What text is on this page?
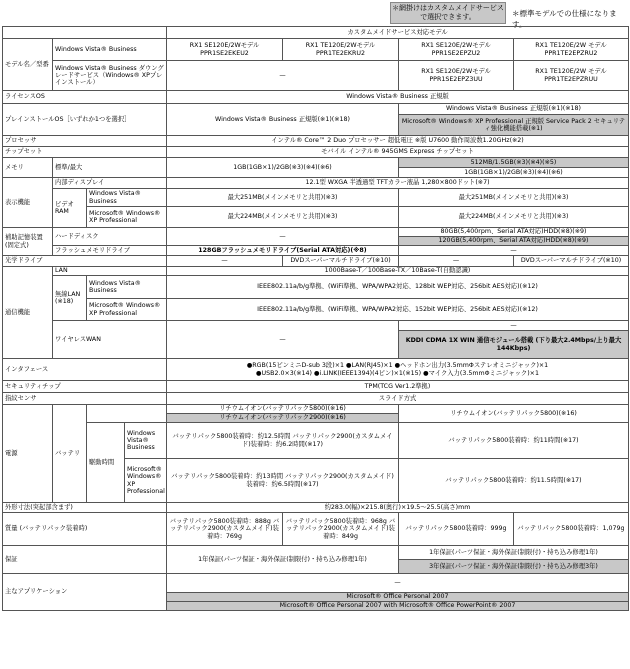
＊網掛けはカスタムメイドサービスで選択できます。	＊標準モデルでの仕様になります。
				カスタムメイドサービス対応モデル			
モデル名／型番	Windows Vista® Business			RX1 SE120E/2Wモデル PPR1SE2EKEU2	RX1 TE120E/2Wモデル PPR1TE2EKRU2	RX1 SE120E/2Wモデル PPR1SE2EPZU2	RX1 TE120E/2W モデル PPR1TE2EPZRU2
	Windows Vista® Business ダウングレードサービス（Windows® XPプレインストール）			—		RX1 SE120E/2Wモデル PPR1SE2EPZ3UU	RX1 TE120E/2W モデル PPR1TE2EPZRUU
ライセンスOS				Windows Vista® Business 正規版			
プレインストールOS［いずれか1つを選択］				Windows Vista® Business 正規版(※1)(※18)		Windows Vista® Business 正規版(※1)(※18)	
						Microsoft® Windows® XP Professional 正規版 Service Pack 2 セキュリティ強化機能搭載(※1)	
プロセッサ				インテル® Core™ 2 Duo プロセッサー 超低電圧 ※版 U7600 動作周波数1.20GHz(※2)			
チップセット				モバイル インテル® 945GMS Express チップセット			
メモリ	標準/最大			1GB(1GB×1)/2GB(※3)(※4)(※6)		512MB/1.5GB(※3)(※4)(※5)	
						1GB(1GB×1)/2GB(※3)(※4)(※6)	
表示機能	内部ディスプレイ			12.1型 WXGA 半透過型 TFTカラー液晶 1,280×800ドット(※7)			
	ビデオRAM	Windows Vista® Business		最大251MB(メインメモリと共用)(※3)		最大251MB(メインメモリと共用)(※3)	
		Microsoft® Windows® XP Professional		最大224MB(メインメモリと共用)(※3)		最大224MB(メインメモリと共用)(※3)	
補助記憶装置(固定式)	ハードディスク			—		80GB(5,400rpm、Serial ATA対応)HDD(※8)(※9)	
						120GB(5,400rpm、Serial ATA対応)HDD(※8)(※9)	
	フラッシュメモリドライブ			128GBフラッシュメモリドライブ(Serial ATA対応)(※8)		—	
光学ドライブ				—	DVDスーパーマルチドライブ(※10)	—	DVDスーパーマルチドライブ(※10)
通信機能	LAN			1000Base-T／100Base-TX／10Base-T(自動認識)			
	無線LAN (※18)	Windows Vista® Business		IEEE802.11a/b/g準拠、(WiFi準拠、WPA/WPA2対応、128bit WEP対応、256bit AES対応)(※12)			
		Microsoft® Windows® XP Professional		IEEE802.11a/b/g準拠、(WiFi準拠、WPA/WPA2対応、152bit WEP対応、256bit AES対応)(※12)			
	ワイヤレスWAN			—		—	
						KDDI CDMA 1X WIN 通信モジュール搭載 (下り最大2.4Mbps/上り最大144Kbps)	
インタフェース				●RGB(15ピンミニD-sub 3段)×1 ●LAN(RJ45)×1 ●ヘッドホン出力(3.5mmΦステレオミニジャック)×1
●USB2.0×3(※14) ●i.LINK(IEEE1394)(4ピン)×1(※15) ●マイク入力(3.5mmΦミニジャック)×1			

セキュリティチップ				TPM(TCG Ver1.2準拠)			
指紋センサ				スライド方式			
電源	バッテリ			リチウムイオン(バッテリパック5800)(※16)		リチウムイオン(バッテリパック5800)(※16)	
				リチウムイオン(バッテリパック2900)(※16)			
		駆動時間	Windows Vista® Business	バッテリパック5800装着時：約12.5時間 バッテリパック2900(カスタムメイド)装着時：約6.2時間(※17)		バッテリパック5800装着時：約11時間(※17)	
			Microsoft® Windows® XP Professional	バッテリパック5800装着時：約13時間 バッテリパック2900(カスタムメイド)装着時：約6.5時間(※17)		バッテリパック5800装着時：約11.5時間(※17)	
外形寸法(突起部含まず)				約283.0(幅)×215.8(奥行)×19.5〜25.5(高さ)mm			
質量 (バッテリパック装着時)				バッテリパック5800装着時：888g バッテリパック2900(カスタムメイド)装着時：769g	バッテリパック5800装着時：968g バッテリパック2900(カスタムメイド)装着時：849g	バッテリパック5800装着時：999g	バッテリパック5800装着時：1,079g
保証				1年保証(パーツ保証・海外保証(制限付)・持ち込み修理1年)		1年保証(パーツ保証・海外保証(制限付)・持ち込み修理1年)	
						3年保証(パーツ保証・海外保証(制限付)・持ち込み修理3年)	
主なアプリケーション				—			
				Microsoft® Office Personal 2007			
				Microsoft® Office Personal 2007 with Microsoft® Office PowerPoint® 2007			
